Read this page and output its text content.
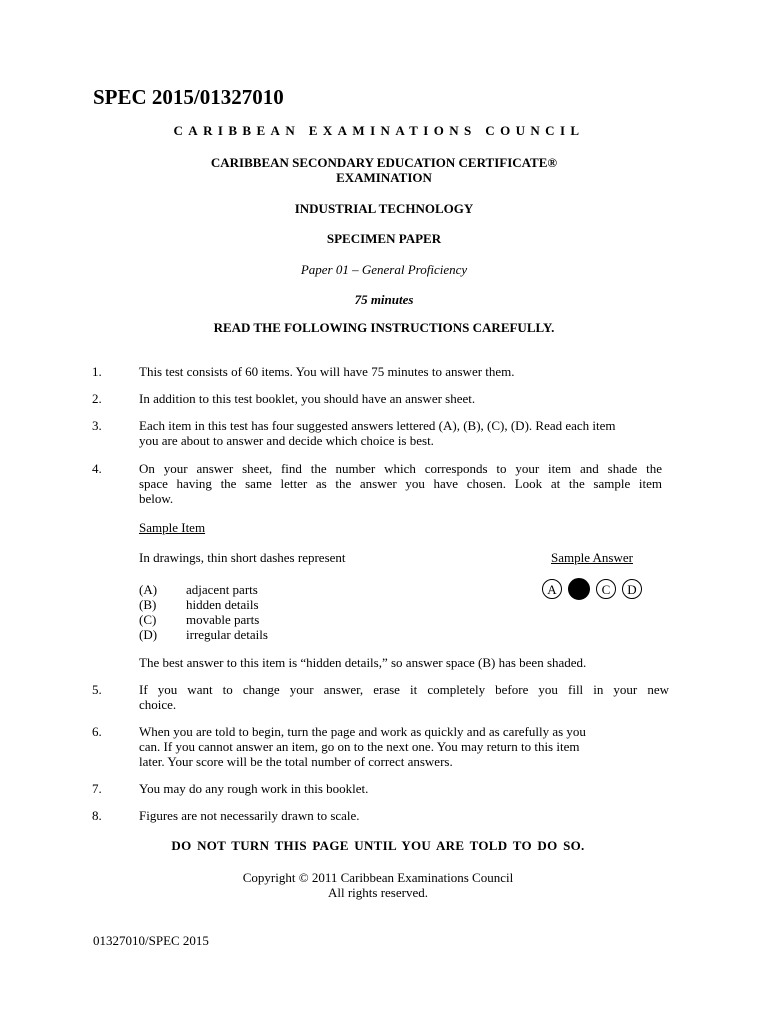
SPEC 2015/01327010
CARIBBEAN EXAMINATIONS COUNCIL
CARIBBEAN SECONDARY EDUCATION CERTIFICATE®
EXAMINATION
INDUSTRIAL TECHNOLOGY
SPECIMEN PAPER
Paper 01 – General Proficiency
75 minutes
READ THE FOLLOWING INSTRUCTIONS CAREFULLY.
1.	This test consists of 60 items. You will have 75 minutes to answer them.
2.	In addition to this test booklet, you should have an answer sheet.
3.	Each item in this test has four suggested answers lettered (A), (B), (C), (D). Read each item
you are about to answer and decide which choice is best.
4.	On your answer sheet, find the number which corresponds to your item and shade the
space having the same letter as the answer you have chosen. Look at the sample item
below.
Sample Item
In drawings, thin short dashes represent	Sample Answer
(A) adjacent parts
(B) hidden details
(C) movable parts
(D) irregular details
A	C D
The best answer to this item is “hidden details,” so answer space (B) has been shaded.
5.	If you want to change your answer, erase it completely before you fill in your new
choice.
6.	When you are told to begin, turn the page and work as quickly and as carefully as you
can. If you cannot answer an item, go on to the next one. You may return to this item
later. Your score will be the total number of correct answers.
7.	You may do any rough work in this booklet.
8.	Figures are not necessarily drawn to scale.
DO NOT TURN THIS PAGE UNTIL YOU ARE TOLD TO DO SO.
Copyright © 2011 Caribbean Examinations Council
All rights reserved.
01327010/SPEC 2015
